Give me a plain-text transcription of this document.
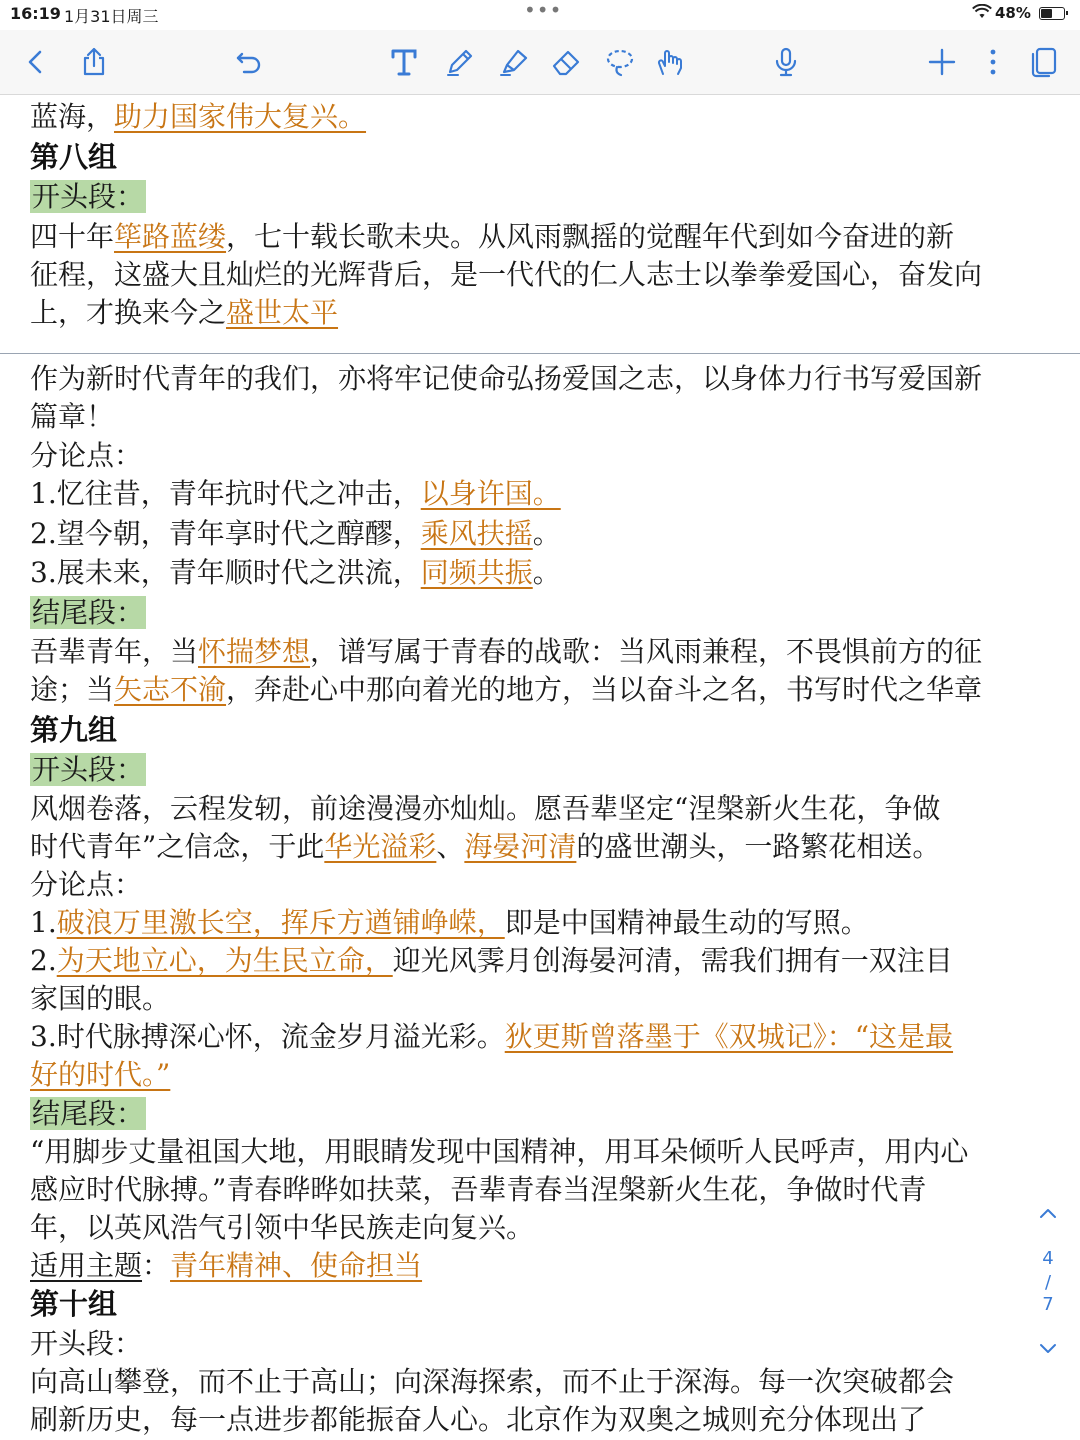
16:19 1月31日周三	•••	48%
蓝海，助力国家伟大复兴。
第八组
开头段：
四十年筚路蓝缕，七十载长歌未央。从风雨飘摇的觉醒年代到如今奋进的新
征程，这盛大且灿烂的光辉背后，是一代代的仁人志士以拳拳爱国心，奋发向
上，才换来今之盛世太平
作为新时代青年的我们，亦将牢记使命弘扬爱国之志，以身体力行书写爱国新
篇章！
分论点：
1.忆往昔，青年抗时代之冲击，以身许国。
2.望今朝，青年享时代之醇醪，乘风扶摇。
3.展未来，青年顺时代之洪流，同频共振。
结尾段：
吾辈青年，当怀揣梦想，谱写属于青春的战歌：当风雨兼程，不畏惧前方的征
途；当矢志不渝，奔赴心中那向着光的地方，当以奋斗之名，书写时代之华章
第九组
开头段：
风烟卷落，云程发轫，前途漫漫亦灿灿。愿吾辈坚定“涅槃新火生花，争做
时代青年”之信念，于此华光溢彩、海晏河清的盛世潮头，一路繁花相送。
分论点：
1.破浪万里激长空，挥斥方遒铺峥嵘，即是中国精神最生动的写照。
2.为天地立心，为生民立命，迎光风霁月创海晏河清，需我们拥有一双注目
家国的眼。
3.时代脉搏深心怀，流金岁月溢光彩。狄更斯曾落墨于《双城记》：“这是最
好的时代。”
结尾段：
“用脚步丈量祖国大地，用眼睛发现中国精神，用耳朵倾听人民呼声，用内心
感应时代脉搏。”青春晔晔如扶菜，吾辈青春当涅槃新火生花，争做时代青
年，以英风浩气引领中华民族走向复兴。
适用主题：青年精神、使命担当
第十组
开头段：
向高山攀登，而不止于高山；向深海探索，而不止于深海。每一次突破都会
刷新历史，每一点进步都能振奋人心。北京作为双奥之城则充分体现出了
4
/
7
